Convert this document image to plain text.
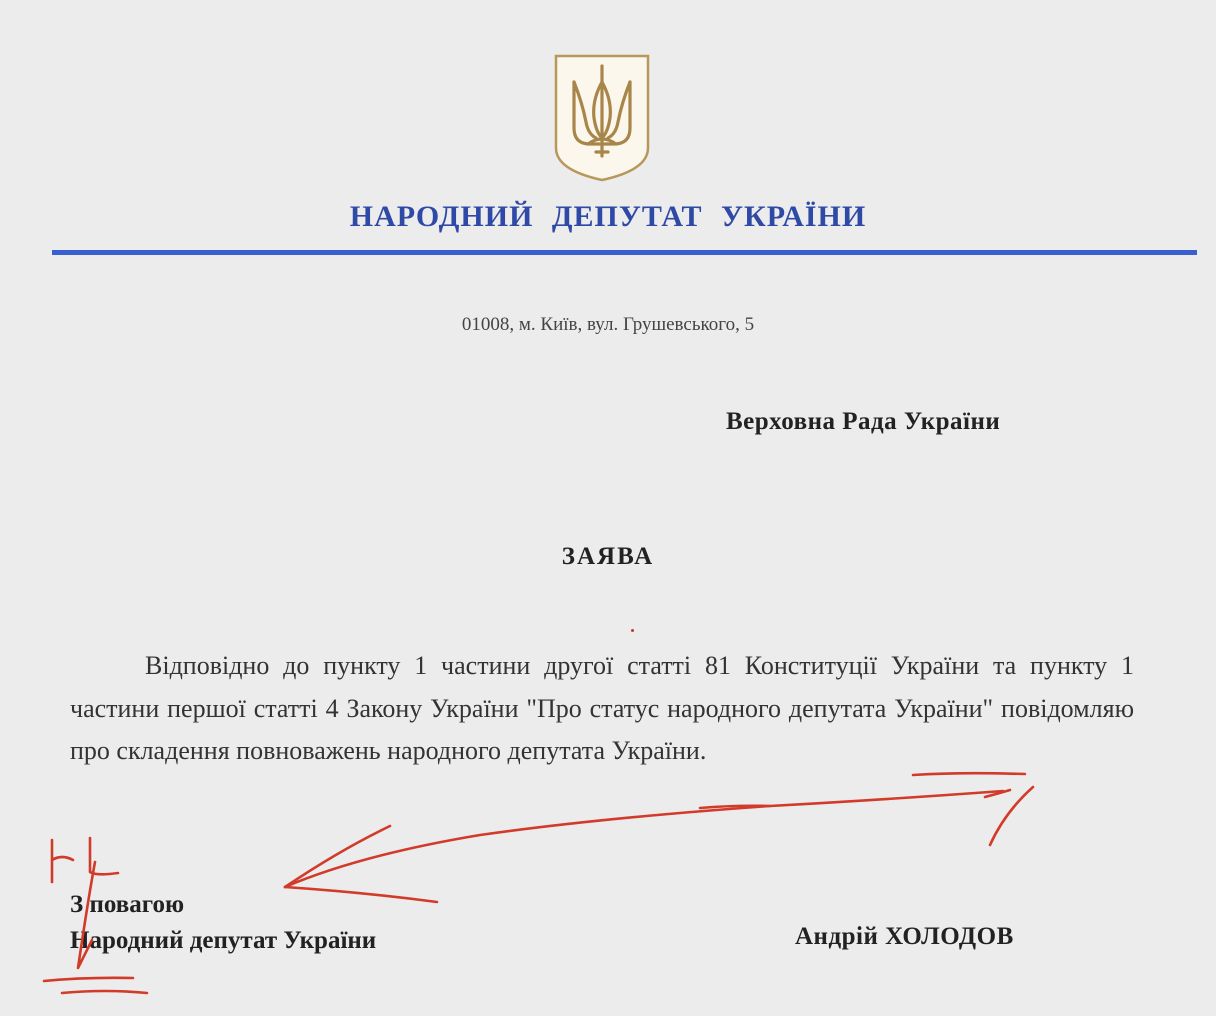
НАРОДНИЙ ДЕПУТАТ УКРАЇНИ
01008, м. Київ, вул. Грушевського, 5
Верховна Рада України
ЗАЯВА
Відповідно до пункту 1 частини другої статті 81 Конституції України та пункту 1 частини першої статті 4 Закону України "Про статус народного депутата України" повідомляю про складення повноважень народного депутата України.
З повагою
Народний депутат України	Андрій ХОЛОДОВ
